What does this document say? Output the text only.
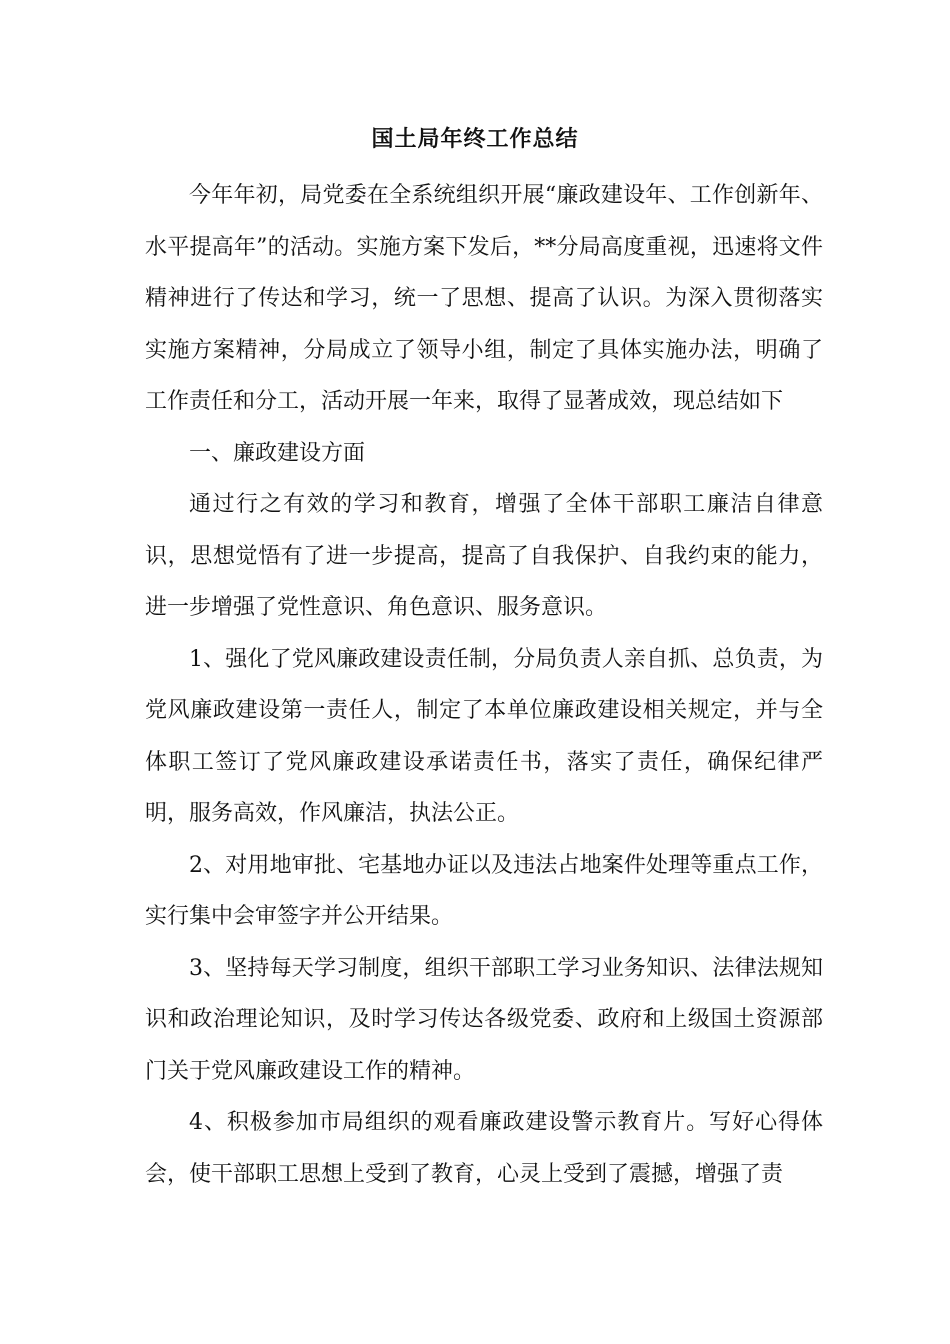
国土局年终工作总结

今年年初，局党委在全系统组织开展“廉政建设年、工作创新年、水平提高年”的活动。实施方案下发后，**分局高度重视，迅速将文件精神进行了传达和学习，统一了思想、提高了认识。为深入贯彻落实实施方案精神，分局成立了领导小组，制定了具体实施办法，明确了工作责任和分工，活动开展一年来，取得了显著成效，现总结如下

一、廉政建设方面

通过行之有效的学习和教育，增强了全体干部职工廉洁自律意识，思想觉悟有了进一步提高，提高了自我保护、自我约束的能力，进一步增强了党性意识、角色意识、服务意识。

1、强化了党风廉政建设责任制，分局负责人亲自抓、总负责，为党风廉政建设第一责任人，制定了本单位廉政建设相关规定，并与全体职工签订了党风廉政建设承诺责任书，落实了责任，确保纪律严明，服务高效，作风廉洁，执法公正。

2、对用地审批、宅基地办证以及违法占地案件处理等重点工作，实行集中会审签字并公开结果。

3、坚持每天学习制度，组织干部职工学习业务知识、法律法规知识和政治理论知识，及时学习传达各级党委、政府和上级国土资源部门关于党风廉政建设工作的精神。

4、积极参加市局组织的观看廉政建设警示教育片。写好心得体会，使干部职工思想上受到了教育，心灵上受到了震撼，增强了责
